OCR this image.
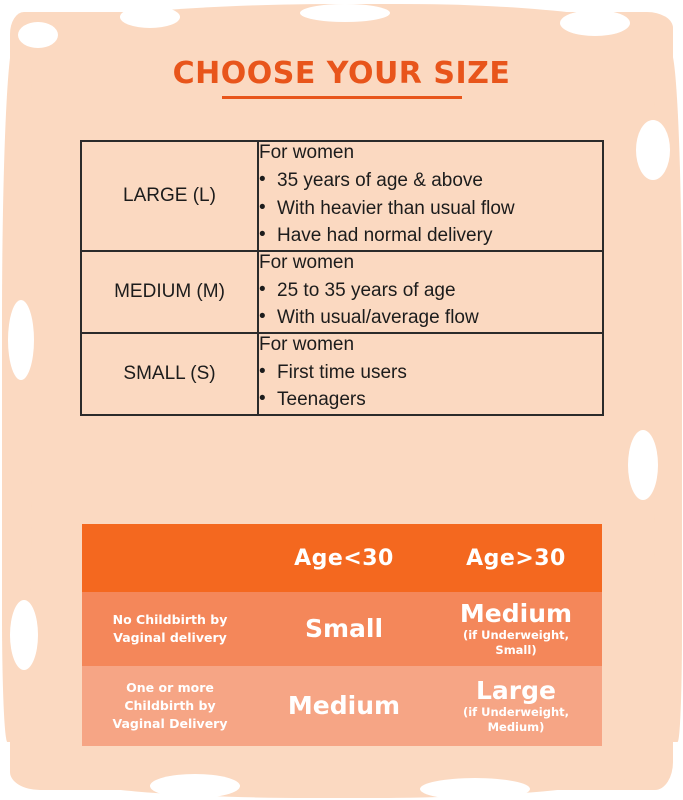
CHOOSE YOUR SIZE
LARGE (L)	
For women
• 35 years of age & above
• With heavier than usual flow
• Have had normal delivery

MEDIUM (M)	
For women
• 25 to 35 years of age
• With usual/average flow

SMALL (S)	
For women
• First time users
• Teenagers
	Age<30	Age>30
No Childbirth by
Vaginal delivery	Small	Medium
(if Underweight,
Small)

One or more
Childbirth by
Vaginal Delivery	Medium	Large
(if Underweight,
Medium)
